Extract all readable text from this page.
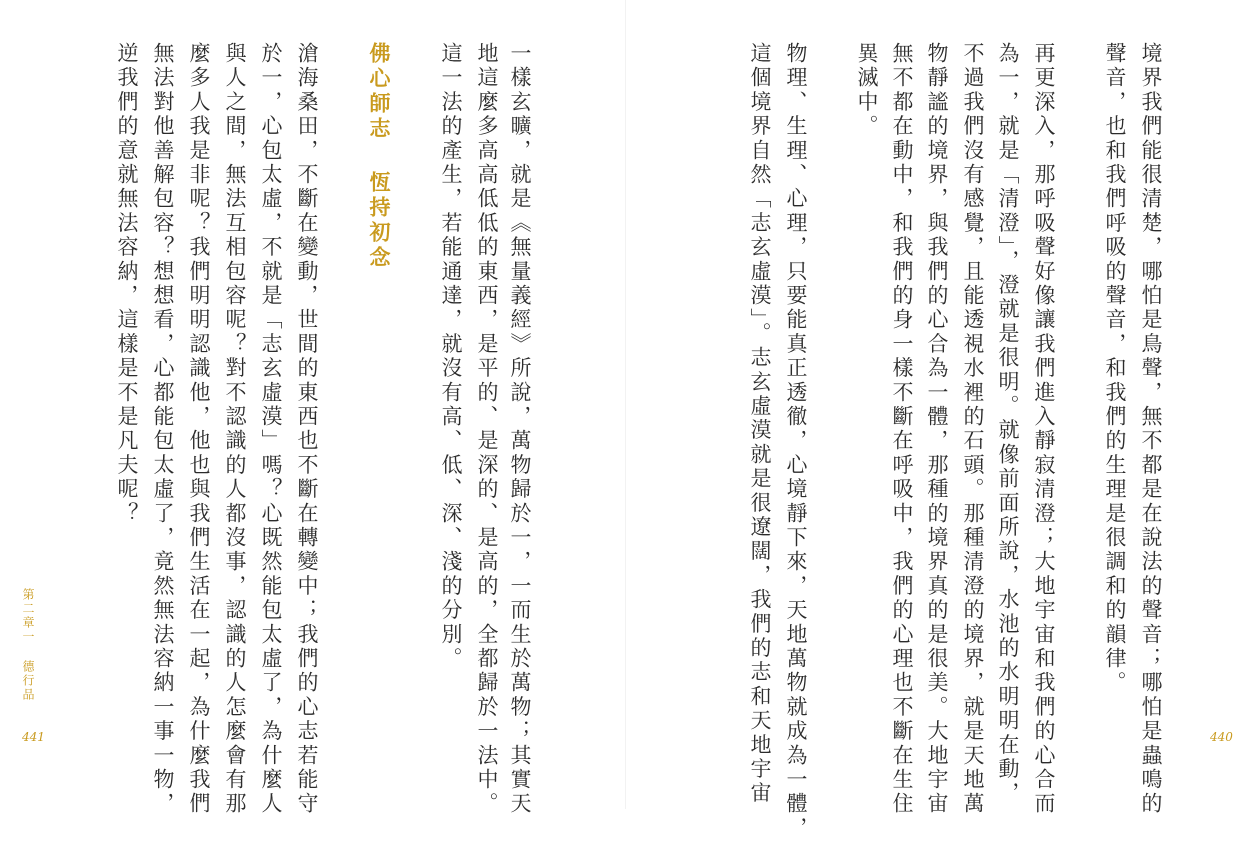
一樣玄曠，就是《無量義經》所說，萬物歸於一，一而生於萬物；其實天
地這麼多高高低低的東西，是平的、是深的、是高的，全都歸於一法中。
這一法的產生，若能通達，就沒有高、低、深、淺的分別。
佛心師志 恆持初念
滄海桑田，不斷在變動，世間的東西也不斷在轉變中；我們的心志若能守
於一，心包太虛，不就是「志玄虛漠」嗎？心既然能包太虛了，為什麼人
與人之間，無法互相包容呢？對不認識的人都沒事，認識的人怎麼會有那
麼多人我是非呢？我們明明認識他，他也與我們生活在一起，為什麼我們
無法對他善解包容？想想看，心都能包太虛了，竟然無法容納一事一物，
逆我們的意就無法容納，這樣是不是凡夫呢？
第二章一 德行品
441	境界我們能很清楚，哪怕是鳥聲，無不都是在說法的聲音；哪怕是蟲鳴的
聲音，也和我們呼吸的聲音，和我們的生理是很調和的韻律。
再更深入，那呼吸聲好像讓我們進入靜寂清澄；大地宇宙和我們的心合而
為一，就是「清澄」，澄就是很明。就像前面所說，水池的水明明在動，
不過我們沒有感覺，且能透視水裡的石頭。那種清澄的境界，就是天地萬
物靜謐的境界，與我們的心合為一體，那種的境界真的是很美。大地宇宙
無不都在動中，和我們的身一樣不斷在呼吸中，我們的心理也不斷在生住
異滅中。
物理、生理、心理，只要能真正透徹，心境靜下來，天地萬物就成為一體，
這個境界自然「志玄虛漠」。志玄虛漠就是很遼闊，我們的志和天地宇宙	440
